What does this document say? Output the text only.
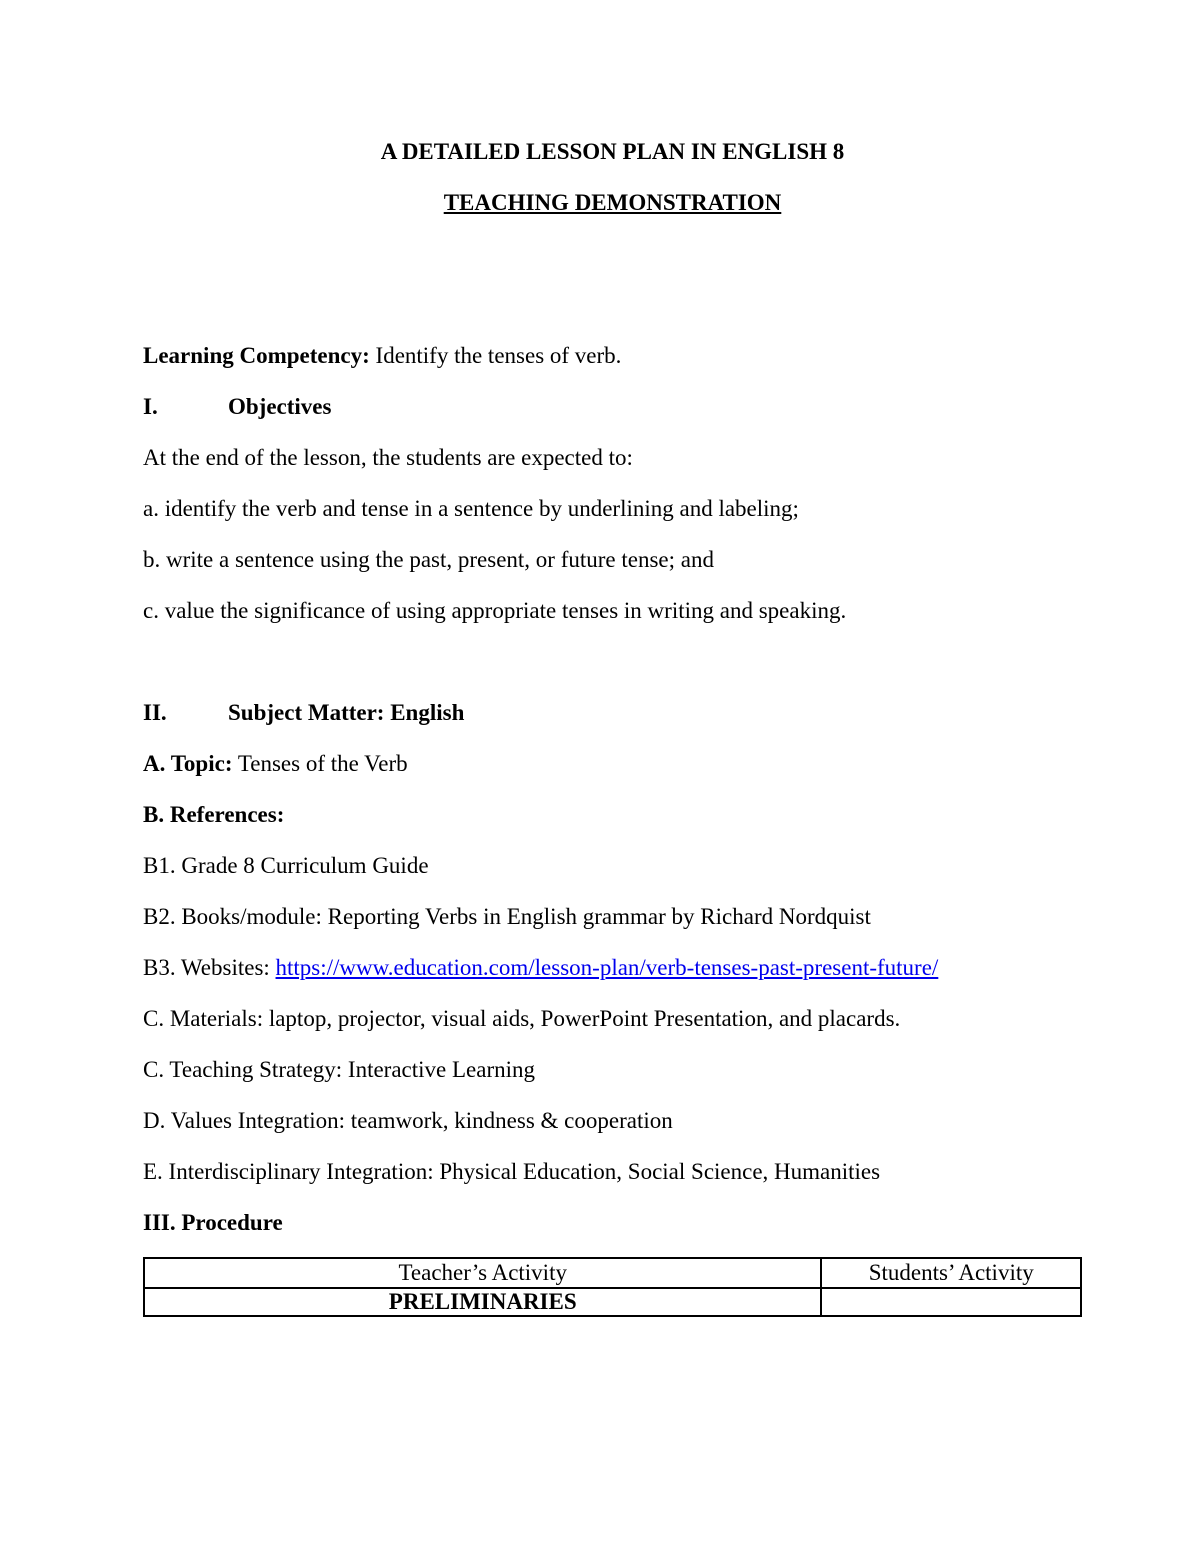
A DETAILED LESSON PLAN IN ENGLISH 8

TEACHING DEMONSTRATION

Learning Competency: Identify the tenses of verb.

I.	Objectives

At the end of the lesson, the students are expected to:

a. identify the verb and tense in a sentence by underlining and labeling;

b. write a sentence using the past, present, or future tense; and

c. value the significance of using appropriate tenses in writing and speaking.

II.	Subject Matter: English

A. Topic: Tenses of the Verb

B. References:

B1. Grade 8 Curriculum Guide

B2. Books/module: Reporting Verbs in English grammar by Richard Nordquist

B3. Websites: https://www.education.com/lesson-plan/verb-tenses-past-present-future/

C. Materials: laptop, projector, visual aids, PowerPoint Presentation, and placards.

C. Teaching Strategy: Interactive Learning

D. Values Integration: teamwork, kindness & cooperation

E. Interdisciplinary Integration: Physical Education, Social Science, Humanities

III. Procedure

Teacher’s Activity	Students’ Activity
PRELIMINARIES	
